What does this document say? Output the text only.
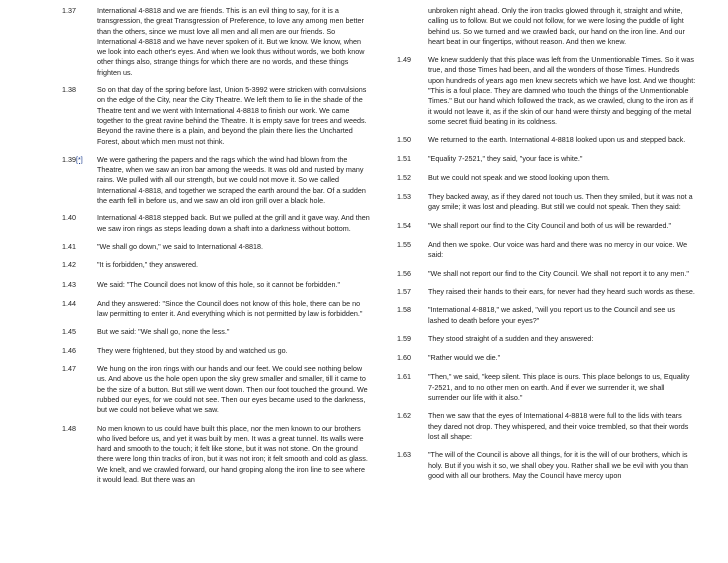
1.37	International 4-8818 and we are friends. This is an evil thing to say, for it is a transgression, the great Transgression of Preference, to love any among men better than the others, since we must love all men and all men are our friends. So International 4-8818 and we have never spoken of it. But we know. We know, when we look into each other's eyes. And when we look thus without words, we both know other things also, strange things for which there are no words, and these things frighten us.
1.38	So on that day of the spring before last, Union 5-3992 were stricken with convulsions on the edge of the City, near the City Theatre. We left them to lie in the shade of the Theatre tent and we went with International 4-8818 to finish our work. We came together to the great ravine behind the Theatre. It is empty save for trees and weeds. Beyond the ravine there is a plain, and beyond the plain there lies the Uncharted Forest, about which men must not think.
1.39[*]	We were gathering the papers and the rags which the wind had blown from the Theatre, when we saw an iron bar among the weeds. It was old and rusted by many rains. We pulled with all our strength, but we could not move it. So we called International 4-8818, and together we scraped the earth around the bar. Of a sudden the earth fell in before us, and we saw an old iron grill over a black hole.
1.40	International 4-8818 stepped back. But we pulled at the grill and it gave way. And then we saw iron rings as steps leading down a shaft into a darkness without bottom.
1.41	"We shall go down," we said to International 4-8818.
1.42	"It is forbidden," they answered.
1.43	We said: "The Council does not know of this hole, so it cannot be forbidden."
1.44	And they answered: "Since the Council does not know of this hole, there can be no law permitting to enter it. And everything which is not permitted by law is forbidden."
1.45	But we said: "We shall go, none the less."
1.46	They were frightened, but they stood by and watched us go.
1.47	We hung on the iron rings with our hands and our feet. We could see nothing below us. And above us the hole open upon the sky grew smaller and smaller, till it came to be the size of a button. But still we went down. Then our foot touched the ground. We rubbed our eyes, for we could not see. Then our eyes became used to the darkness, but we could not believe what we saw.
1.48	No men known to us could have built this place, nor the men known to our brothers who lived before us, and yet it was built by men. It was a great tunnel. Its walls were hard and smooth to the touch; it felt like stone, but it was not stone. On the ground there were long thin tracks of iron, but it was not iron; it felt smooth and cold as glass. We knelt, and we crawled forward, our hand groping along the iron line to see where it would lead. But there was an
unbroken night ahead. Only the iron tracks glowed through it, straight and white, calling us to follow. But we could not follow, for we were losing the puddle of light behind us. So we turned and we crawled back, our hand on the iron line. And our heart beat in our fingertips, without reason. And then we knew.
1.49	We knew suddenly that this place was left from the Unmentionable Times. So it was true, and those Times had been, and all the wonders of those Times. Hundreds upon hundreds of years ago men knew secrets which we have lost. And we thought: "This is a foul place. They are damned who touch the things of the Unmentionable Times." But our hand which followed the track, as we crawled, clung to the iron as if it would not leave it, as if the skin of our hand were thirsty and begging of the metal some secret fluid beating in its coldness.
1.50	We returned to the earth. International 4-8818 looked upon us and stepped back.
1.51	"Equality 7-2521," they said, "your face is white."
1.52	But we could not speak and we stood looking upon them.
1.53	They backed away, as if they dared not touch us. Then they smiled, but it was not a gay smile; it was lost and pleading. But still we could not speak. Then they said:
1.54	"We shall report our find to the City Council and both of us will be rewarded."
1.55	And then we spoke. Our voice was hard and there was no mercy in our voice. We said:
1.56	"We shall not report our find to the City Council. We shall not report it to any men."
1.57	They raised their hands to their ears, for never had they heard such words as these.
1.58	"International 4-8818," we asked, "will you report us to the Council and see us lashed to death before your eyes?"
1.59	They stood straight of a sudden and they answered:
1.60	"Rather would we die."
1.61	"Then," we said, "keep silent. This place is ours. This place belongs to us, Equality 7-2521, and to no other men on earth. And if ever we surrender it, we shall surrender our life with it also."
1.62	Then we saw that the eyes of International 4-8818 were full to the lids with tears they dared not drop. They whispered, and their voice trembled, so that their words lost all shape:
1.63	"The will of the Council is above all things, for it is the will of our brothers, which is holy. But if you wish it so, we shall obey you. Rather shall we be evil with you than good with all our brothers. May the Council have mercy upon
